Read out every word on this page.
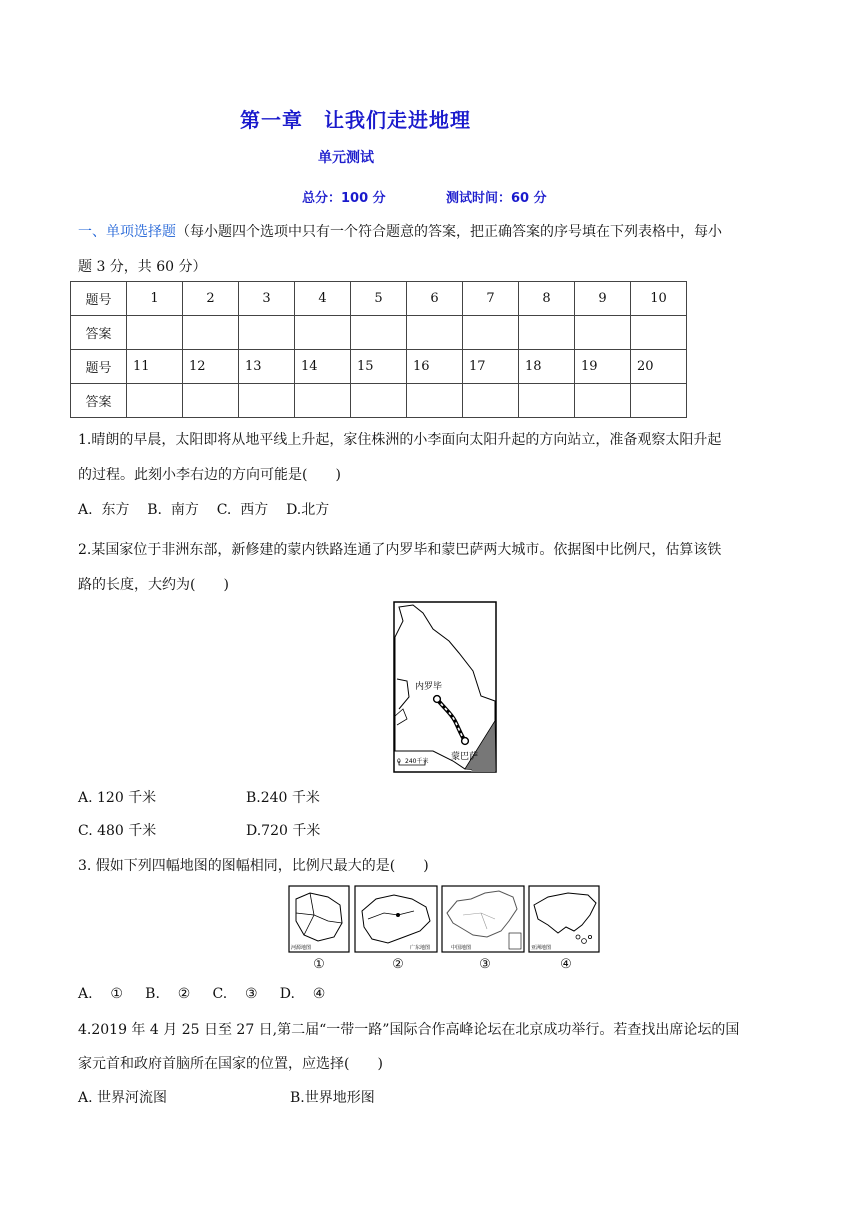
第一章　让我们走进地理
单元测试
总分：100 分	测试时间：60 分
一、单项选择题（每小题四个选项中只有一个符合题意的答案，把正确答案的序号填在下列表格中，每小
题 3 分，共 60 分）
题号	1	2	3	4	5	6	7	8	9	10
答案										
题号	11	12	13	14	15	16	17	18	19	20
答案										
1.晴朗的早晨，太阳即将从地平线上升起，家住株洲的小李面向太阳升起的方向站立，准备观察太阳升起
的过程。此刻小李右边的方向可能是(　　)
A.  东方    B.  南方    C.  西方    D.北方
2.某国家位于非洲东部，新修建的蒙内铁路连通了内罗毕和蒙巴萨两大城市。依据图中比例尺，估算该铁
路的长度，大约为(　　)
内罗毕
蒙巴萨
0 240千米
A. 120 千米	B.240 千米
C. 480 千米	D.720 千米
3. 假如下列四幅地图的图幅相同，比例尺最大的是(　　)
河源地图	广东地图	中国地图	亚洲地图
①	②	③	④
A.    ①     B.    ②     C.    ③     D.    ④
4.2019 年 4 月 25 日至 27 日,第二届“一带一路”国际合作高峰论坛在北京成功举行。若查找出席论坛的国
家元首和政府首脑所在国家的位置，应选择(　　)
A. 世界河流图	B.世界地形图
